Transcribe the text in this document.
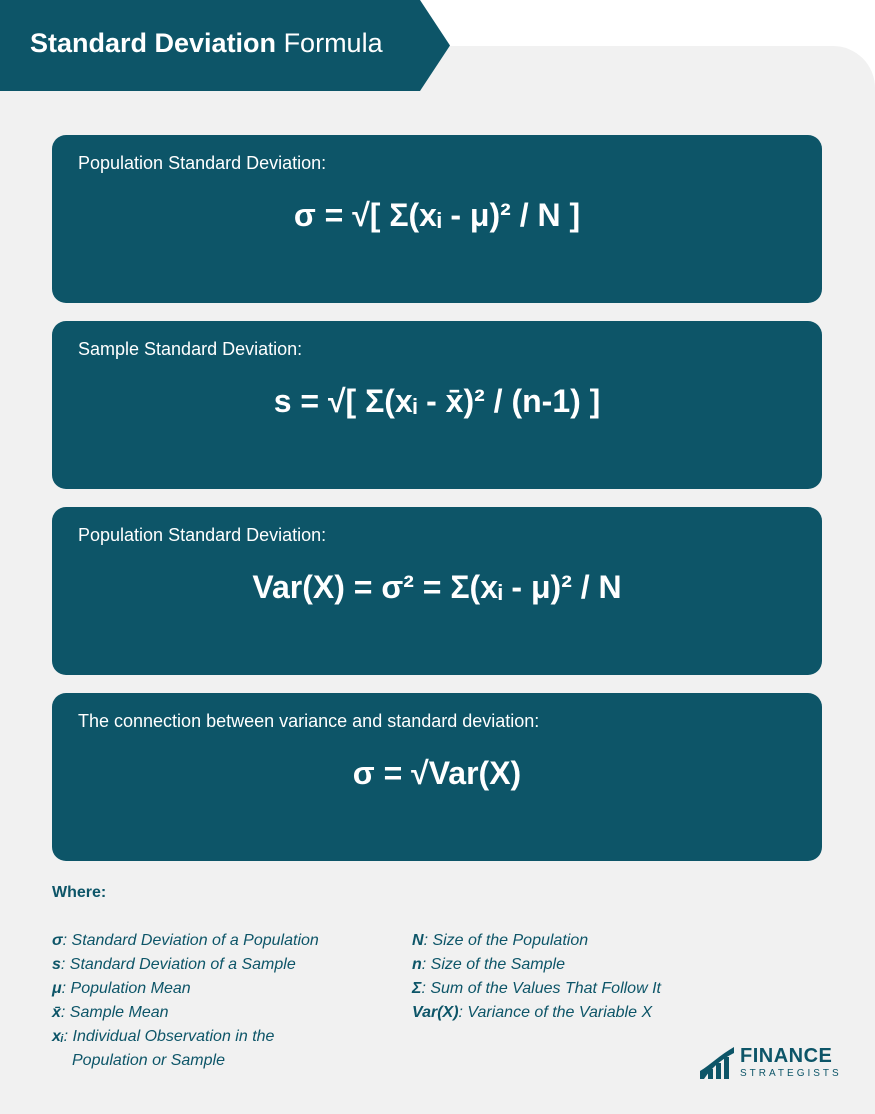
Standard Deviation Formula
Population Standard Deviation:
σ = √[ Σ(xᵢ - μ)² / N ]
Sample Standard Deviation:
s = √[ Σ(xᵢ - x̄)² / (n-1) ]
Population Standard Deviation:
Var(X) = σ² = Σ(xᵢ - μ)² / N
The connection between variance and standard deviation:
σ = √Var(X)
Where:
σ: Standard Deviation of a Population
s: Standard Deviation of a Sample
μ: Population Mean
x̄: Sample Mean
xᵢ: Individual Observation in the
Population or Sample
N: Size of the Population
n: Size of the Sample
Σ: Sum of the Values That Follow It
Var(X): Variance of the Variable X
FINANCE
STRATEGISTS
